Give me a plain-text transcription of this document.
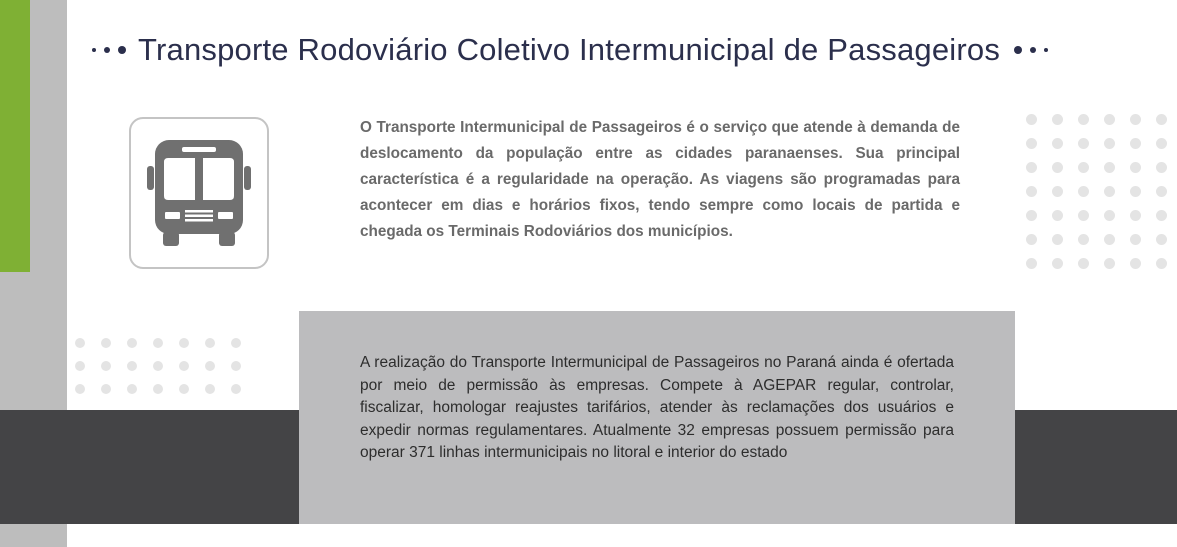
Transporte Rodoviário Coletivo Intermunicipal de Passageiros

O Transporte Intermunicipal de Passageiros é o serviço que atende à demanda de deslocamento da população entre as cidades paranaenses. Sua principal característica é a regularidade na operação. As viagens são programadas para acontecer em dias e horários fixos, tendo sempre como locais de partida e chegada os Terminais Rodoviários dos municípios.

A realização do Transporte Intermunicipal de Passageiros no Paraná ainda é ofertada por meio de permissão às empresas. Compete à AGEPAR regular, controlar, fiscalizar, homologar reajustes tarifários, atender às reclamações dos usuários e expedir normas regulamentares. Atualmente 32 empresas possuem permissão para operar 371 linhas intermunicipais no litoral e interior do estado
